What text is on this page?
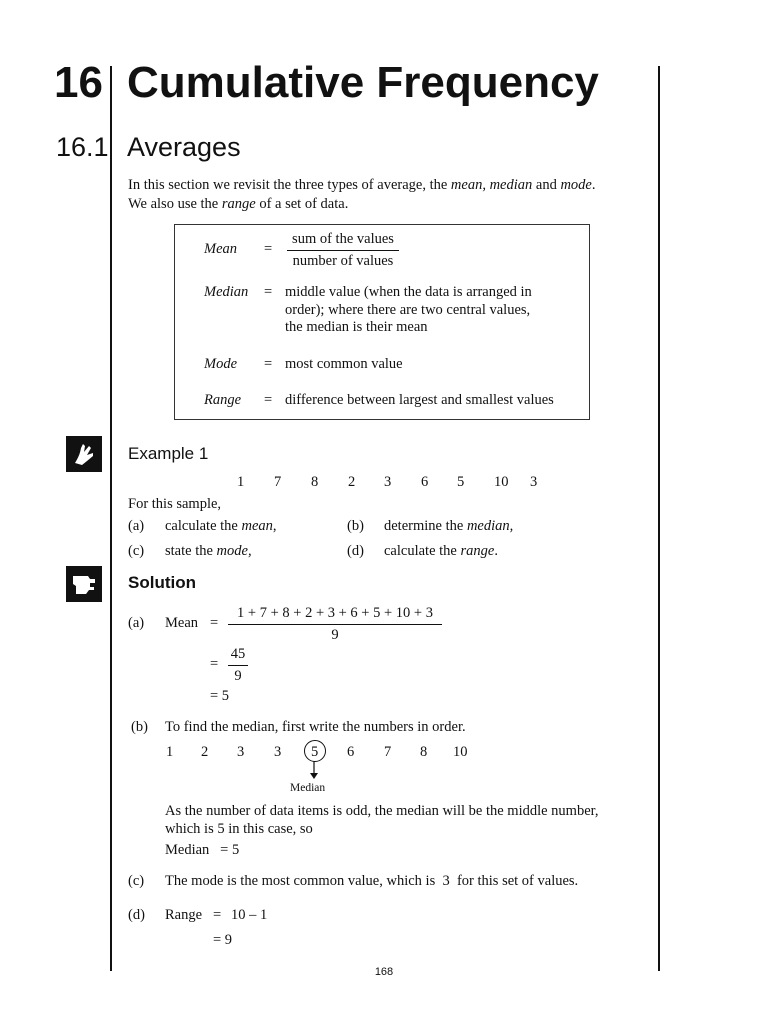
16 Cumulative Frequency
16.1 Averages
In this section we revisit the three types of average, the mean, median and mode.
We also use the range of a set of data.
Mean =
sum of the values
number of values
Median = middle value (when the data is arranged in
order); where there are two central values,
the median is their mean
Mode = most common value
Range = difference between largest and smallest values
Example 1
1 7 8 2 3 6 5 10 3
For this sample,
(a) calculate the mean,	(b) determine the median,
(c) state the mode,	(d) calculate the range.
Solution
(a) Mean = $\frac{1 + 7 + 8 + 2 + 3 + 6 + 5 + 10 + 3}{9}$
= $\frac{45}{9}$
= 5
(b) To find the median, first write the numbers in order.
1 2 3 3 5 6 7 8 10
Median
As the number of data items is odd, the median will be the middle number,
which is 5 in this case, so
Median   = 5
(c) The mode is the most common value, which is  3  for this set of values.
(d) Range = 10 – 1
= 9
168
